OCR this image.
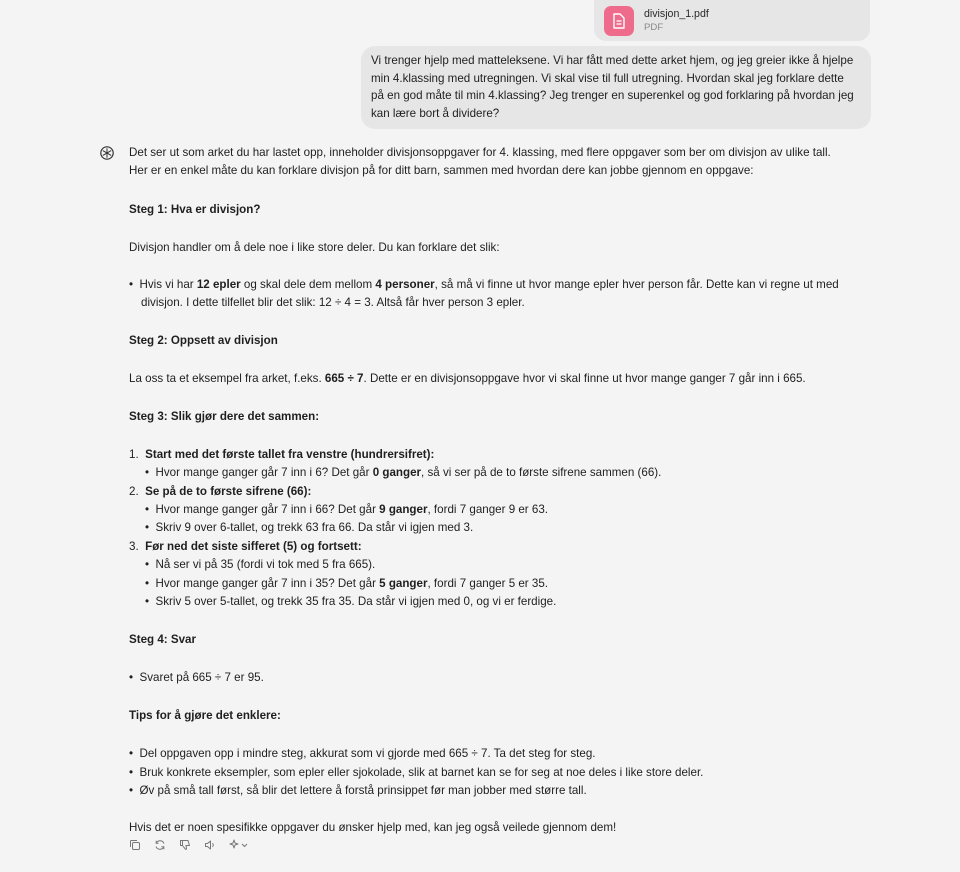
divisjon_1.pdf
PDF
Vi trenger hjelp med matteleksene. Vi har fått med dette arket hjem, og jeg greier ikke å hjelpe min 4.klassing med utregningen. Vi skal vise til full utregning. Hvordan skal jeg forklare dette på en god måte til min 4.klassing? Jeg trenger en superenkel og god forklaring på hvordan jeg kan lære bort å dividere?
Det ser ut som arket du har lastet opp, inneholder divisjonsoppgaver for 4. klassing, med flere oppgaver som ber om divisjon av ulike tall.
Her er en enkel måte du kan forklare divisjon på for ditt barn, sammen med hvordan dere kan jobbe gjennom en oppgave:
Steg 1: Hva er divisjon?
Divisjon handler om å dele noe i like store deler. Du kan forklare det slik:
• Hvis vi har 12 epler og skal dele dem mellom 4 personer, så må vi finne ut hvor mange epler hver person får. Dette kan vi regne ut med
divisjon. I dette tilfellet blir det slik: 12 ÷ 4 = 3. Altså får hver person 3 epler.
Steg 2: Oppsett av divisjon
La oss ta et eksempel fra arket, f.eks. 665 ÷ 7. Dette er en divisjonsoppgave hvor vi skal finne ut hvor mange ganger 7 går inn i 665.
Steg 3: Slik gjør dere det sammen:
1. Start med det første tallet fra venstre (hundrersifret):
• Hvor mange ganger går 7 inn i 6? Det går 0 ganger, så vi ser på de to første sifrene sammen (66).
2. Se på de to første sifrene (66):
• Hvor mange ganger går 7 inn i 66? Det går 9 ganger, fordi 7 ganger 9 er 63.
• Skriv 9 over 6-tallet, og trekk 63 fra 66. Da står vi igjen med 3.
3. Før ned det siste sifferet (5) og fortsett:
• Nå ser vi på 35 (fordi vi tok med 5 fra 665).
• Hvor mange ganger går 7 inn i 35? Det går 5 ganger, fordi 7 ganger 5 er 35.
• Skriv 5 over 5-tallet, og trekk 35 fra 35. Da står vi igjen med 0, og vi er ferdige.
Steg 4: Svar
• Svaret på 665 ÷ 7 er 95.
Tips for å gjøre det enklere:
• Del oppgaven opp i mindre steg, akkurat som vi gjorde med 665 ÷ 7. Ta det steg for steg.
• Bruk konkrete eksempler, som epler eller sjokolade, slik at barnet kan se for seg at noe deles i like store deler.
• Øv på små tall først, så blir det lettere å forstå prinsippet før man jobber med større tall.
Hvis det er noen spesifikke oppgaver du ønsker hjelp med, kan jeg også veilede gjennom dem!
